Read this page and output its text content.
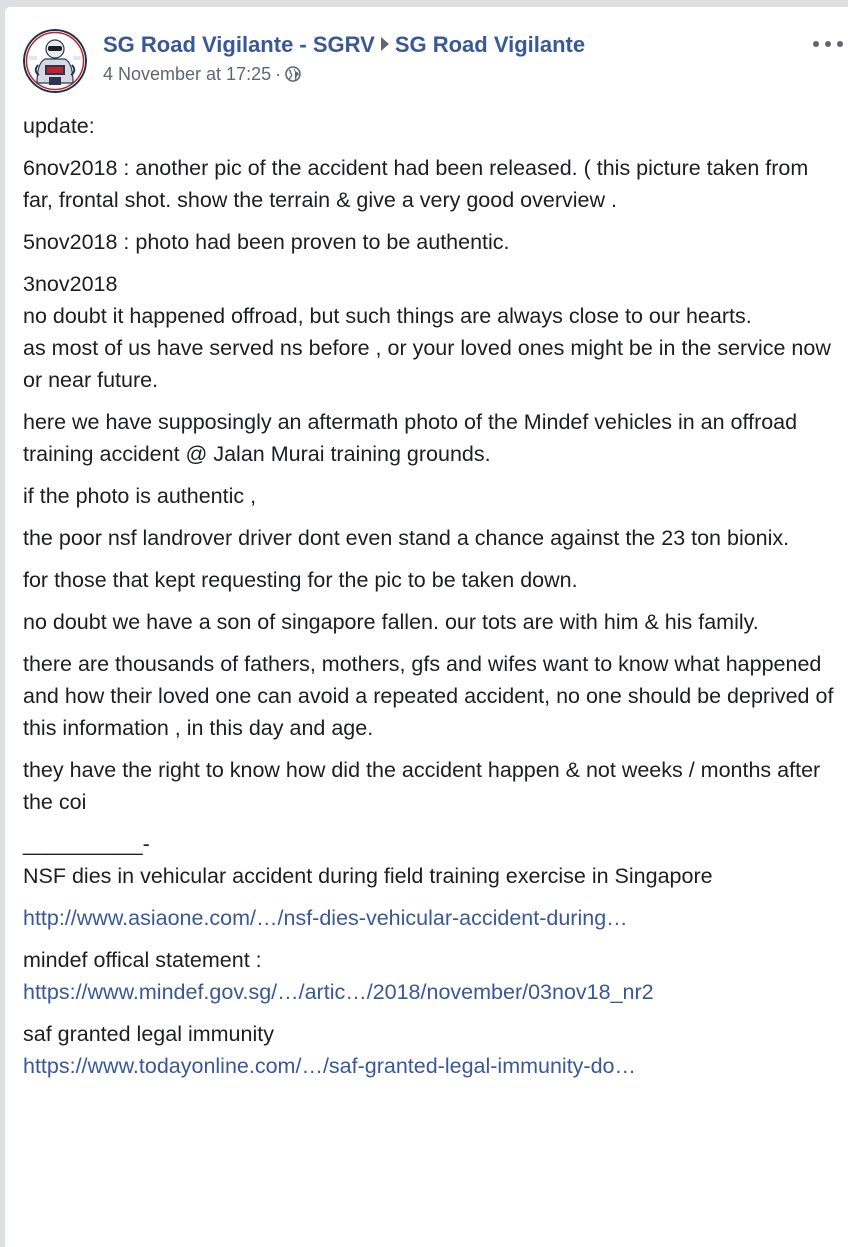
SG Road Vigilante - SGRV SG Road Vigilante
4 November at 17:25 ·

update:

6nov2018 : another pic of the accident had been released. ( this picture taken from far, frontal shot. show the terrain & give a very good overview .

5nov2018 : photo had been proven to be authentic.

3nov2018
no doubt it happened offroad, but such things are always close to our hearts.
as most of us have served ns before , or your loved ones might be in the service now or near future.

here we have supposingly an aftermath photo of the Mindef vehicles in an offroad training accident @ Jalan Murai training grounds.

if the photo is authentic ,

the poor nsf landrover driver dont even stand a chance against the 23 ton bionix.

for those that kept requesting for the pic to be taken down.

no doubt we have a son of singapore fallen. our tots are with him & his family.

there are thousands of fathers, mothers, gfs and wifes want to know what happened and how their loved one can avoid a repeated accident, no one should be deprived of this information , in this day and age.

they have the right to know how did the accident happen & not weeks / months after the coi

__________-
NSF dies in vehicular accident during field training exercise in Singapore

http://www.asiaone.com/…/nsf-dies-vehicular-accident-during…

mindef offical statement : https://www.mindef.gov.sg/…/artic…/2018/november/03nov18_nr2

saf granted legal immunity
https://www.todayonline.com/…/saf-granted-legal-immunity-do…
